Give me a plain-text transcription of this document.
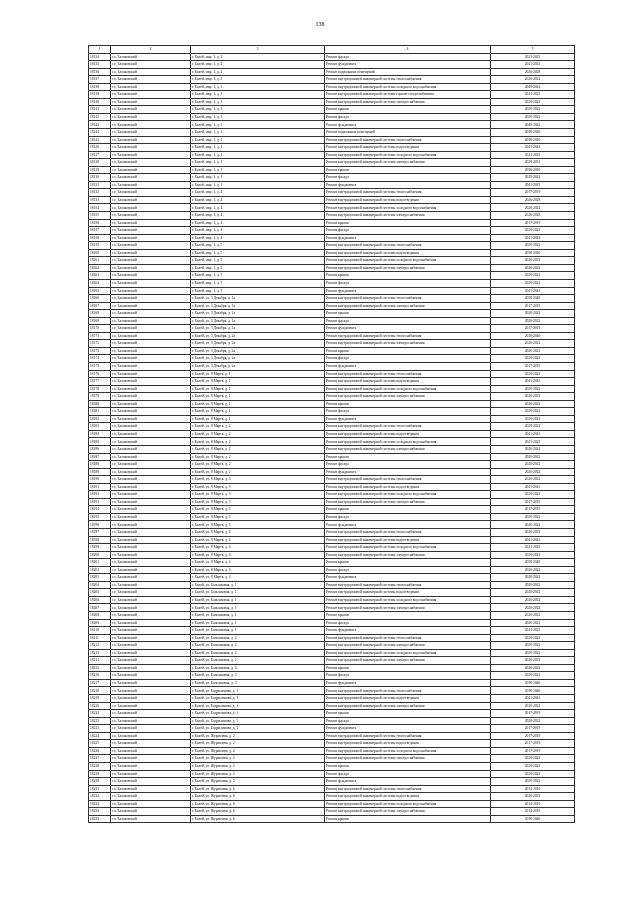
138
1	2	3	4	5
18134	г.о. Балаковский	г. Балей, мкр. 1, д. 2	Ремонт фасада	2023-2025
18135	г.о. Балаковский	г. Балей, мкр. 1, д. 2	Ремонт фундамента	2041-2043
18136	г.о. Балаковский	г. Балей, мкр. 1, д. 2	Ремонт подвальных помещений	2026-2028
18137	г.о. Балаковский	г. Балей, мкр. 1, д. 3	Ремонт внутридомовой инженерной системы теплоснабжения	2020-2022
18138	г.о. Балаковский	г. Балей, мкр. 1, д. 3	Ремонт внутридомовой инженерной системы холодного водоснабжения	2040-2042
18139	г.о. Балаковский	г. Балей, мкр. 1, д. 3	Ремонт внутридомовой инженерной системы горячего водоснабжения	2023-2025
18140	г.о. Балаковский	г. Балей, мкр. 1, д. 3	Ремонт внутридомовой инженерной системы электроснабжения	2020-2022
18141	г.о. Балаковский	г. Балей, мкр. 1, д. 3	Ремонт крыши	2020-2022
18142	г.о. Балаковский	г. Балей, мкр. 1, д. 3	Ремонт фасада	2020-2022
18143	г.о. Балаковский	г. Балей, мкр. 1, д. 3	Ремонт фундамента	2040-2042
18144	г.о. Балаковский	г. Балей, мкр. 1, д. 3	Ремонт подвальных помещений	2038-2040
18145	г.о. Балаковский	г. Балей, мкр. 1, д. 1	Ремонт внутридомовой инженерной системы теплоснабжения	2038-2040
18126	г.о. Балаковский	г. Балей, мкр. 1, д. 1	Ремонт внутридомовой инженерной системы водоотведения	2041-2043
18127	г.о. Балаковский	г. Балей, мкр. 1, д. 1	Ремонт внутридомовой инженерной системы холодного водоснабжения	2023-2025
18128	г.о. Балаковский	г. Балей, мкр. 1, д. 1	Ремонт внутридомовой инженерной системы электроснабжения	2029-2031
18129	г.о. Балаковский	г. Балей, мкр. 1, д. 1	Ремонт крыши	2038-2040
18130	г.о. Балаковский	г. Балей, мкр. 1, д. 1	Ремонт фасада	2020-2022
18131	г.о. Балаковский	г. Балей, мкр. 1, д. 1	Ремонт фундамента	2041-2043
18132	г.о. Балаковский	г. Балей, мкр. 1, д. 4	Ремонт внутридомовой инженерной системы теплоснабжения	2017-2019
18133	г.о. Балаковский	г. Балей, мкр. 1, д. 4	Ремонт внутридомовой инженерной системы водоотведения	2026-2028
18154	г.о. Балаковский	г. Балей, мкр. 1, д. 4	Ремонт внутридомовой инженерной системы холодного водоснабжения	2020-2022
18155	г.о. Балаковский	г. Балей, мкр. 1, д. 4	Ремонт внутридомовой инженерной системы электроснабжения	2026-2028
18156	г.о. Балаковский	г. Балей, мкр. 1, д. 4	Ремонт крыши	2017-2019
18157	г.о. Балаковский	г. Балей, мкр. 1, д. 4	Ремонт фасада	2020-2022
18158	г.о. Балаковский	г. Балей, мкр. 1, д. 4	Ремонт фундамента	2041-2043
18159	г.о. Балаковский	г. Балей, мкр. 1, д. 5	Ремонт внутридомовой инженерной системы теплоснабжения	2020-2022
18160	г.о. Балаковский	г. Балей, мкр. 1, д. 5	Ремонт внутридомовой инженерной системы водоотведения	2038-2040
18161	г.о. Балаковский	г. Балей, мкр. 1, д. 5	Ремонт внутридомовой инженерной системы холодного водоснабжения	2020-2022
18162	г.о. Балаковский	г. Балей, мкр. 1, д. 5	Ремонт внутридомовой инженерной системы электроснабжения	2020-2022
18163	г.о. Балаковский	г. Балей, мкр. 1, д. 5	Ремонт крыши	2020-2022
18164	г.о. Балаковский	г. Балей, мкр. 1, д. 5	Ремонт фасада	2020-2022
18165	г.о. Балаковский	г. Балей, мкр. 1, д. 5	Ремонт фундамента	2041-2043
18166	г.о. Балаковский	г. Балей, ул. 3 Декабря, д. 1а	Ремонт внутридомовой инженерной системы теплоснабжения	2038-2040
18167	г.о. Балаковский	г. Балей, ул. 3 Декабря, д. 1а	Ремонт внутридомовой инженерной системы электроснабжения	2017-2019
18168	г.о. Балаковский	г. Балей, ул. 3 Декабря, д. 1а	Ремонт крыши	2020-2022
18169	г.о. Балаковский	г. Балей, ул. 3 Декабря, д. 1а	Ремонт фасада	2020-2022
18170	г.о. Балаковский	г. Балей, ул. 3 Декабря, д. 1а	Ремонт фундамента	2017-2019
18171	г.о. Балаковский	г. Балей, ул. 3 Декабря, д. 2а	Ремонт внутридомовой инженерной системы теплоснабжения	2038-2040
18172	г.о. Балаковский	г. Балей, ул. 3 Декабря, д. 2а	Ремонт внутридомовой инженерной системы электроснабжения	2020-2022
18173	г.о. Балаковский	г. Балей, ул. 3 Декабря, д. 2а	Ремонт крыши	2020-2022
18174	г.о. Балаковский	г. Балей, ул. 3 Декабря, д. 2а	Ремонт фасада	2020-2022
18175	г.о. Балаковский	г. Балей, ул. 3 Декабря, д. 2а	Ремонт фундамента	2017-2019
18176	г.о. Балаковский	г. Балей, ул. 8 Марта, д. 1	Ремонт внутридомовой инженерной системы теплоснабжения	2020-2022
18177	г.о. Балаковский	г. Балей, ул. 8 Марта, д. 1	Ремонт внутридомовой инженерной системы водоотведения	2041-2043
18178	г.о. Балаковский	г. Балей, ул. 8 Марта, д. 1	Ремонт внутридомовой инженерной системы холодного водоснабжения	2020-2022
18179	г.о. Балаковский	г. Балей, ул. 8 Марта, д. 1	Ремонт внутридомовой инженерной системы электроснабжения	2020-2022
18180	г.о. Балаковский	г. Балей, ул. 8 Марта, д. 1	Ремонт крыши	2020-2022
18181	г.о. Балаковский	г. Балей, ул. 8 Марта, д. 1	Ремонт фасада	2020-2022
18182	г.о. Балаковский	г. Балей, ул. 8 Марта, д. 1	Ремонт фундамента	2020-2022
18183	г.о. Балаковский	г. Балей, ул. 8 Марта, д. 2	Ремонт внутридомовой инженерной системы теплоснабжения	2020-2022
18184	г.о. Балаковский	г. Балей, ул. 8 Марта, д. 2	Ремонт внутридомовой инженерной системы водоотведения	2041-2043
18185	г.о. Балаковский	г. Балей, ул. 8 Марта, д. 2	Ремонт внутридомовой инженерной системы холодного водоснабжения	2023-2025
18186	г.о. Балаковский	г. Балей, ул. 8 Марта, д. 2	Ремонт внутридомовой инженерной системы электроснабжения	2020-2022
18187	г.о. Балаковский	г. Балей, ул. 8 Марта, д. 2	Ремонт крыши	2020-2022
18188	г.о. Балаковский	г. Балей, ул. 8 Марта, д. 2	Ремонт фасада	2020-2022
18189	г.о. Балаковский	г. Балей, ул. 8 Марта, д. 2	Ремонт фундамента	2020-2022
18190	г.о. Балаковский	г. Балей, ул. 8 Марта, д. 3	Ремонт внутридомовой инженерной системы теплоснабжения	2020-2022
18191	г.о. Балаковский	г. Балей, ул. 8 Марта, д. 3	Ремонт внутридомовой инженерной системы водоотведения	2041-2043
18192	г.о. Балаковский	г. Балей, ул. 8 Марта, д. 3	Ремонт внутридомовой инженерной системы холодного водоснабжения	2020-2022
18193	г.о. Балаковский	г. Балей, ул. 8 Марта, д. 3	Ремонт внутридомовой инженерной системы электроснабжения	2017-2019
18194	г.о. Балаковский	г. Балей, ул. 8 Марта, д. 3	Ремонт крыши	2017-2019
18195	г.о. Балаковский	г. Балей, ул. 8 Марта, д. 3	Ремонт фасада	2020-2022
18196	г.о. Балаковский	г. Балей, ул. 8 Марта, д. 3	Ремонт фундамента	2020-2022
18197	г.о. Балаковский	г. Балей, ул. 8 Марта, д. 4	Ремонт внутридомовой инженерной системы теплоснабжения	2020-2022
18198	г.о. Балаковский	г. Балей, ул. 8 Марта, д. 4	Ремонт внутридомовой инженерной системы водоотведения	2041-2043
18199	г.о. Балаковский	г. Балей, ул. 8 Марта, д. 4	Ремонт внутридомовой инженерной системы холодного водоснабжения	2023-2025
18200	г.о. Балаковский	г. Балей, ул. 8 Марта, д. 4	Ремонт внутридомовой инженерной системы электроснабжения	2020-2022
18201	г.о. Балаковский	г. Балей, ул. 8 Марта, д. 4	Ремонт крыши	2038-2040
18202	г.о. Балаковский	г. Балей, ул. 8 Марта, д. 4	Ремонт фасада	2020-2022
18203	г.о. Балаковский	г. Балей, ул. 8 Марта, д. 4	Ремонт фундамента	2020-2022
18204	г.о. Балаковский	г. Балей, ул. Бальзаковая, д. 1	Ремонт внутридомовой инженерной системы теплоснабжения	2020-2022
18205	г.о. Балаковский	г. Балей, ул. Бальзаковая, д. 1	Ремонт внутридомовой инженерной системы водоотведения	2020-2022
18206	г.о. Балаковский	г. Балей, ул. Бальзаковая, д. 1	Ремонт внутридомовой инженерной системы холодного водоснабжения	2020-2022
18207	г.о. Балаковский	г. Балей, ул. Бальзаковая, д. 1	Ремонт внутридомовой инженерной системы электроснабжения	2020-2022
18208	г.о. Балаковский	г. Балей, ул. Бальзаковая, д. 1	Ремонт крыши	2020-2022
18209	г.о. Балаковский	г. Балей, ул. Бальзаковая, д. 1	Ремонт фасада	2020-2022
18210	г.о. Балаковский	г. Балей, ул. Бальзаковая, д. 1	Ремонт фундамента	2023-2025
18211	г.о. Балаковский	г. Балей, ул. Бальзаковая, д. 2	Ремонт внутридомовой инженерной системы теплоснабжения	2020-2022
18212	г.о. Балаковский	г. Балей, ул. Бальзаковая, д. 2	Ремонт внутридомовой инженерной системы электроснабжения	2020-2022
18213	г.о. Балаковский	г. Балей, ул. Бальзаковая, д. 2	Ремонт внутридомовой инженерной системы холодного водоснабжения	2020-2022
18214	г.о. Балаковский	г. Балей, ул. Бальзаковая, д. 2	Ремонт внутридомовой инженерной системы электроснабжения	2020-2022
18215	г.о. Балаковский	г. Балей, ул. Бальзаковая, д. 3	Ремонт крыши	2020-2022
18216	г.о. Балаковский	г. Балей, ул. Бальзаковая, д. 3	Ремонт фасада	2020-2022
18217	г.о. Балаковский	г. Балей, ул. Бальзаковая, д. 3	Ремонт фундамента	2038-2040
18218	г.о. Балаковский	г. Балей, ул. Бодрилинова, д. 1	Ремонт внутридомовой инженерной системы теплоснабжения	2038-2040
18219	г.о. Балаковский	г. Балей, ул. Бодрилинова, д. 1	Ремонт внутридомовой инженерной системы водоотведения	2041-2043
18220	г.о. Балаковский	г. Балей, ул. Бодрилинова, д. 1	Ремонт внутридомовой инженерной системы электроснабжения	2020-2022
18221	г.о. Балаковский	г. Балей, ул. Бодрилинова, д. 1	Ремонт крыши	2017-2019
18222	г.о. Балаковский	г. Балей, ул. Бодрилинова, д. 1	Ремонт фасада	2020-2022
18223	г.о. Балаковский	г. Балей, ул. Бодрилинова, д. 1	Ремонт фундамента	2017-2019
18224	г.о. Балаковский	г. Балей, ул. Журавлева, д. 2	Ремонт внутридомовой инженерной системы теплоснабжения	2017-2019
18225	г.о. Балаковский	г. Балей, ул. Журавлева, д. 2	Ремонт внутридомовой инженерной системы водоотведения	2017-2019
18226	г.о. Балаковский	г. Балей, ул. Журавлева, д. 2	Ремонт внутридомовой инженерной системы холодного водоснабжения	2017-2019
18227	г.о. Балаковский	г. Балей, ул. Журавлева, д. 2	Ремонт внутридомовой инженерной системы электроснабжения	2020-2022
18228	г.о. Балаковский	г. Балей, ул. Журавлева, д. 2	Ремонт крыши	2020-2022
18229	г.о. Балаковский	г. Балей, ул. Журавлева, д. 2	Ремонт фасада	2020-2022
18230	г.о. Балаковский	г. Балей, ул. Журавлева, д. 2	Ремонт фундамента	2020-2022
18231	г.о. Балаковский	г. Балей, ул. Журавлева, д. 6	Ремонт внутридомовой инженерной системы теплоснабжения	2014-2016
18232	г.о. Балаковский	г. Балей, ул. Журавлева, д. 6	Ремонт внутридомовой инженерной системы водоотведения	2020-2022
18233	г.о. Балаковский	г. Балей, ул. Журавлева, д. 6	Ремонт внутридомовой инженерной системы холодного водоснабжения	2014-2016
18234	г.о. Балаковский	г. Балей, ул. Журавлева, д. 6	Ремонт внутридомовой инженерной системы электроснабжения	2014-2016
18235	г.о. Балаковский	г. Балей, ул. Журавлева, д. 6	Ремонт крыши	2038-2040
